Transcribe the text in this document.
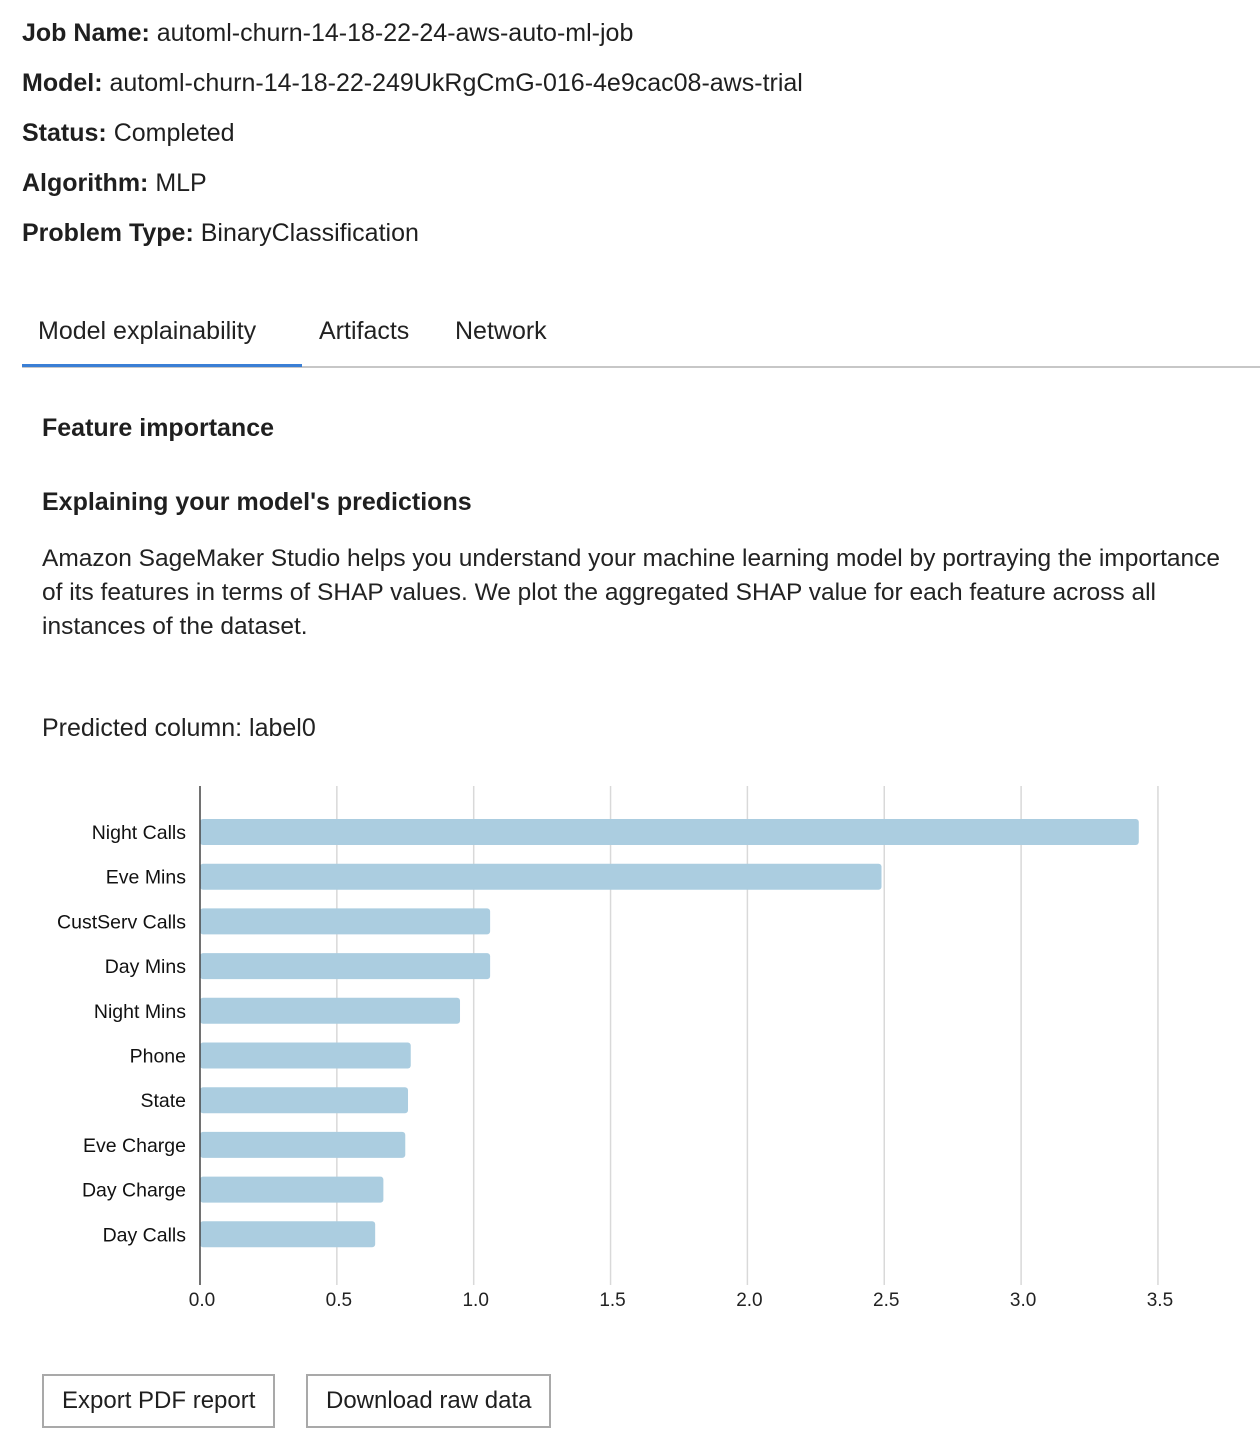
Job Name: automl-churn-14-18-22-24-aws-auto-ml-job
Model: automl-churn-14-18-22-249UkRgCmG-016-4e9cac08-aws-trial
Status: Completed
Algorithm: MLP
Problem Type: BinaryClassification
Model explainability	Artifacts	Network
Feature importance
Explaining your model's predictions
Amazon SageMaker Studio helps you understand your machine learning model by portraying the importance of its features in terms of SHAP values. We plot the aggregated SHAP value for each feature across all instances of the dataset.
Predicted column: label0
0.0	0.5	1.0	1.5	2.0	2.5	3.0	3.5
Night Calls
Eve Mins
CustServ Calls
Day Mins
Night Mins
Phone
State
Eve Charge
Day Charge
Day Calls
Export PDF report	Download raw data
